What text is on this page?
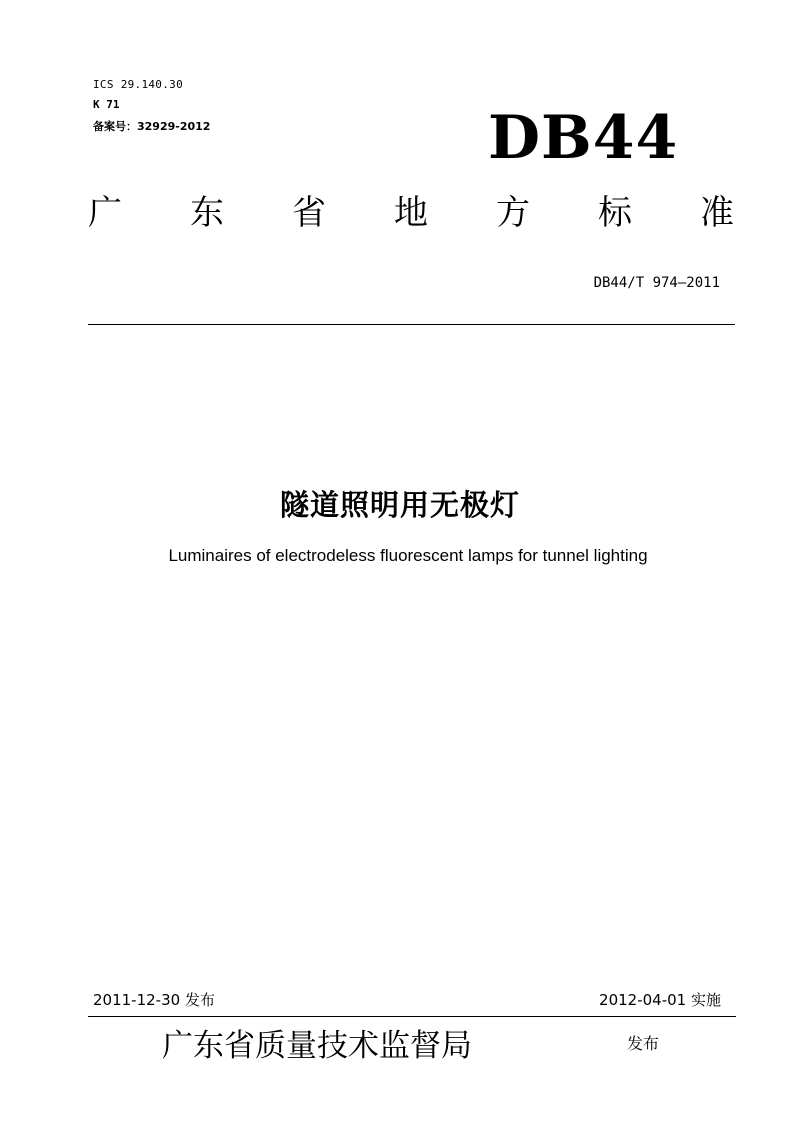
ICS 29.140.30
K 71
备案号：32929-2012	DB44
广 东 省 地 方 标 准
DB44/T 974—2011
隧道照明用无极灯
Luminaires of electrodeless fluorescent lamps for tunnel lighting
2011-12-30 发布	2012-04-01 实施
广东省质量技术监督局	发布
